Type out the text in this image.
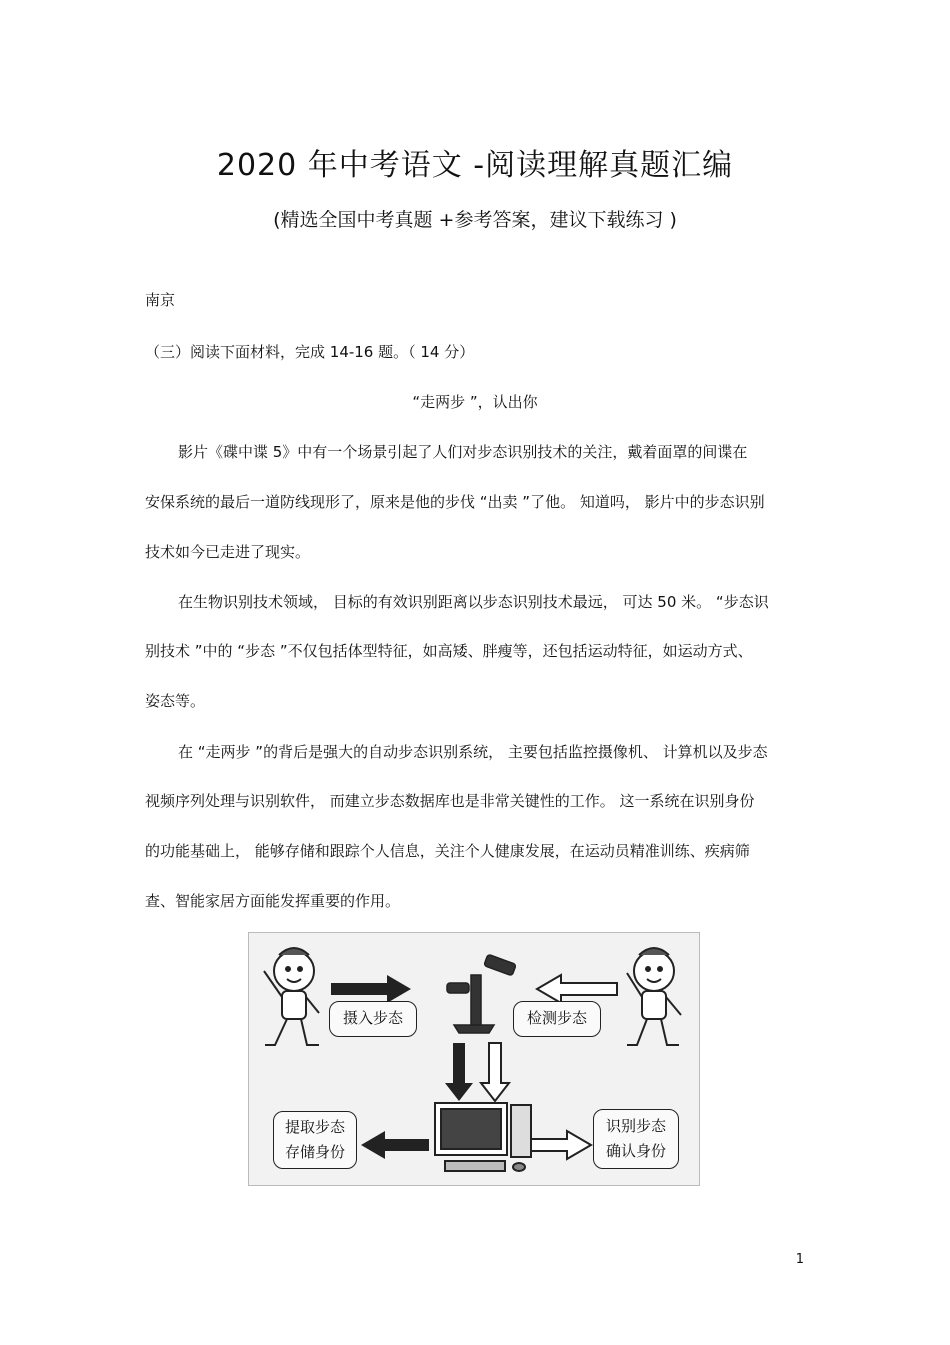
2020 年中考语文 -阅读理解真题汇编
(精选全国中考真题 +参考答案，建议下载练习 )
南京
（三）阅读下面材料，完成 14-16 题。（ 14 分）
“走两步 ”，认出你
影片《碟中谍 5》中有一个场景引起了人们对步态识别技术的关注，戴着面罩的间谍在
安保系统的最后一道防线现形了，原来是他的步伐 “出卖 ”了他。 知道吗， 影片中的步态识别
技术如今已走进了现实。
在生物识别技术领域， 目标的有效识别距离以步态识别技术最远， 可达 50 米。 “步态识
别技术 ”中的 “步态 ”不仅包括体型特征，如高矮、胖瘦等，还包括运动特征，如运动方式、
姿态等。
在 “走两步 ”的背后是强大的自动步态识别系统， 主要包括监控摄像机、 计算机以及步态
视频序列处理与识别软件， 而建立步态数据库也是非常关键性的工作。 这一系统在识别身份
的功能基础上， 能够存储和跟踪个人信息，关注个人健康发展，在运动员精准训练、疾病筛
查、智能家居方面能发挥重要的作用。
摄入步态	检测步态
提取步态
存储身份
识别步态
确认身份
1
